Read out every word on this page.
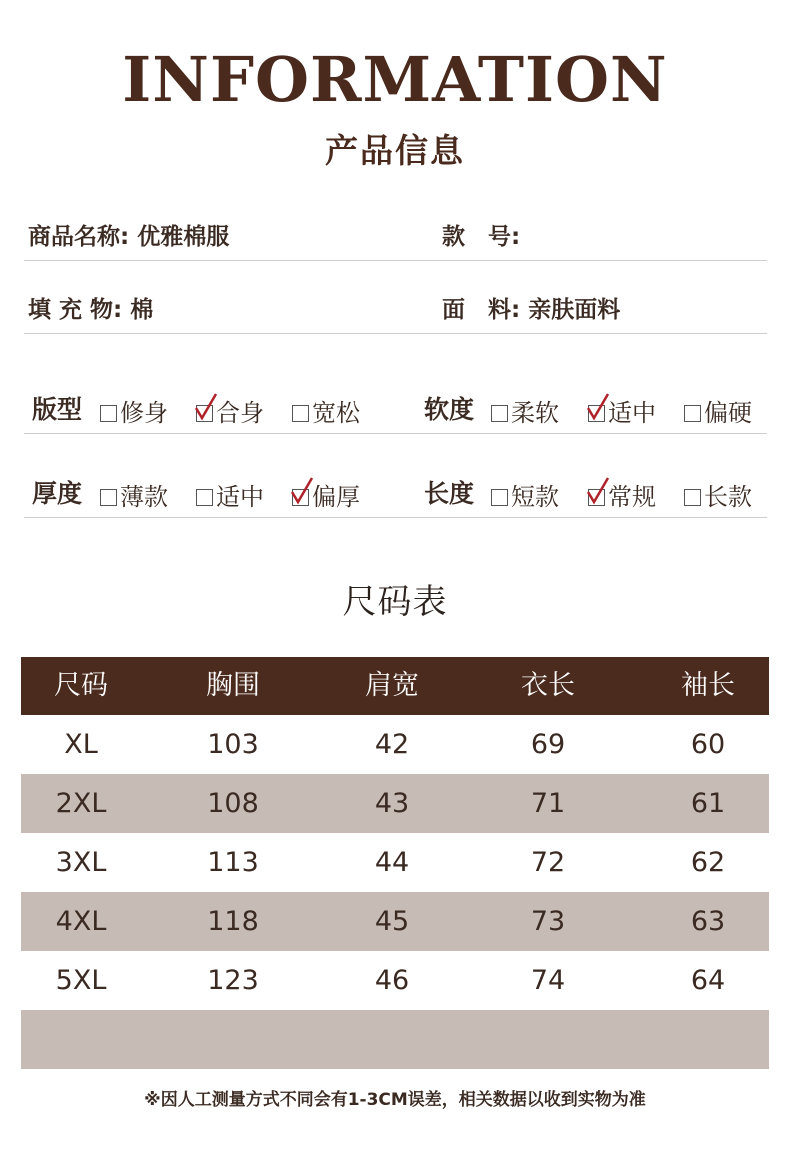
INFORMATION
产品信息
商品名称: 优雅棉服	款　号:
填 充 物: 棉	面　料: 亲肤面料
版型	修身	合身	宽松	软度	柔软	适中	偏硬
厚度	薄款	适中	偏厚	长度	短款	常规	长款
尺码表
尺码	胸围	肩宽	衣长	袖长
XL	103	42	69	60
2XL	108	43	71	61
3XL	113	44	72	62
4XL	118	45	73	63
5XL	123	46	74	64
※因人工测量方式不同会有1-3CM误差，相关数据以收到实物为准
